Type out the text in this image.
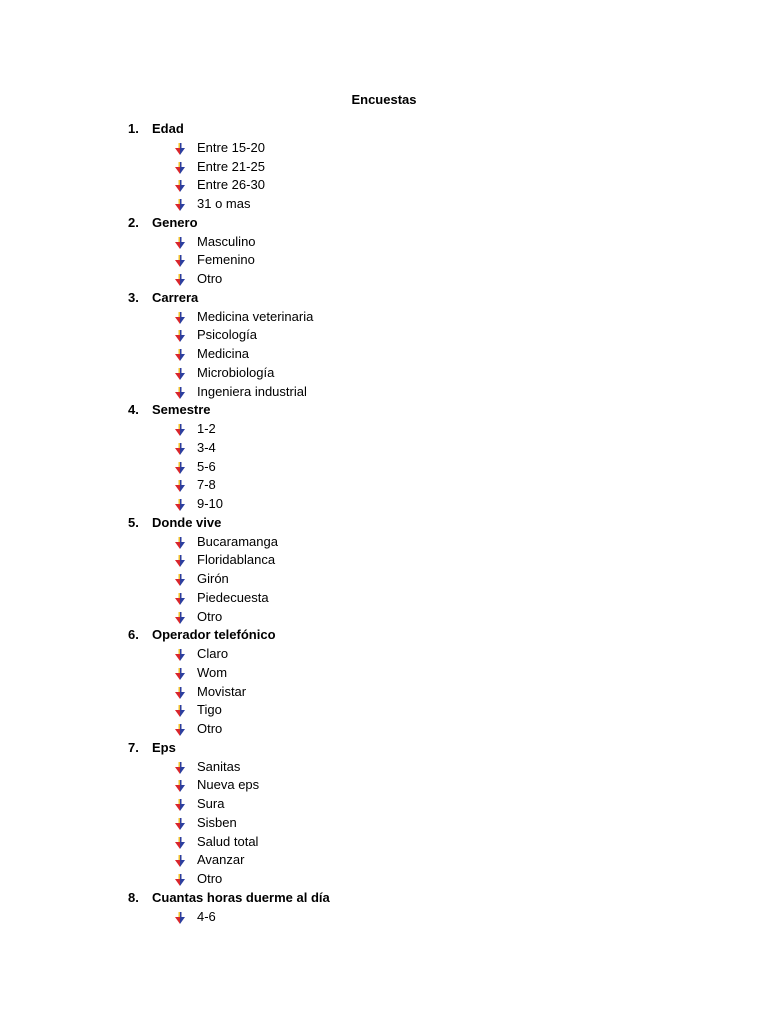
Encuestas
1.	Edad
Entre 15-20
Entre 21-25
Entre 26-30
31 o mas
2.	Genero
Masculino
Femenino
Otro
3.	Carrera
Medicina veterinaria
Psicología
Medicina
Microbiología
Ingeniera industrial
4.	Semestre
1-2
3-4
5-6
7-8
9-10
5.	Donde vive
Bucaramanga
Floridablanca
Girón
Piedecuesta
Otro
6.	Operador telefónico
Claro
Wom
Movistar
Tigo
Otro
7.	Eps
Sanitas
Nueva eps
Sura
Sisben
Salud total
Avanzar
Otro
8.	Cuantas horas duerme al día
4-6
